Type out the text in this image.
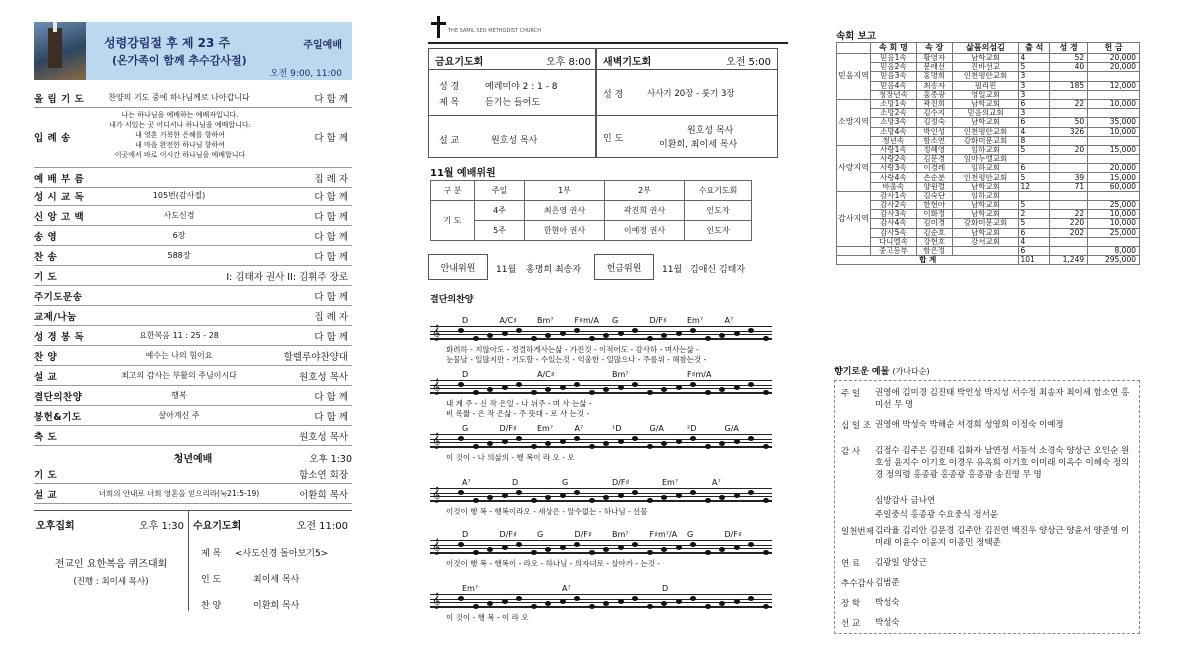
성령강림절 후 제 23 주
(온가족이 함께 추수감사절)
주일예배
오전 9:00, 11:00
올 림 기 도	찬양의 기도 중에 하나님께로 나아갑니다	다 함 께
입 례 송	다 함 께
예 배 부 름	집 례 자
성 시 교 독	105번(감사절)	다 함 께
신 앙 고 백	사도신경	다 함 께
송 영	6장	다 함 께
찬 송	588장	다 함 께
기 도	I: 김태자 권사 II: 김휘주 장로
주기도문송	다 함 께
교제/나눔	집 례 자
성 경 봉 독	요한복음 11 : 25 - 28	다 함 께
찬 양	예수는 나의 힘이요	할렐루야찬양대
설 교	최고의 감사는 부활의 주님이시다	원호성 목사
결단의찬양	행복	다 함 께
봉헌&기도	살아계신 주	다 함 께
축 도	원호성 목사
나는 하나님을 예배하는 예배자입니다.
내가 서있는 곳 어디서나 하나님을 예배합니다.
내 영혼 거룩한 은혜를 향하여
내 마음 완전한 하나님 향하여
이곳에서 바로 이시간 하나님을 예배합니다
청년예배	오후 1:30
기 도	함소연 회장
설 교	너희의 안내로 너희 영혼을 얻으리라(눅21:5-19)	이환희 목사
오후집회	오후 1:30
전교인 요한복음 퀴즈대회
(진행 : 최이세 목사)
수요기도회	오전 11:00
제 목 <사도신경 돌아보기5>
인 도	최이세 목사
찬 양	이환희 목사
THE SAMIL SEO METHODIST CHURCH
금요기도회	오후 8:00
성 경	예레미야 2 : 1 - 8
제 목	듣기는 들어도
설 교	원호성 목사
새벽기도회	오전 5:00
성 경	사사기 20장 - 룻기 3장
인 도
원호성 목사
이환희, 최이세 목사
11월 예배위원
구 분	주일	1부	2부	수요기도회
기 도	4주	최은영 권사	곽진희 권사	인도자
	5주	한현아 권사	이예정 권사	인도자
안내위원	11월 홍명희 최송자	헌금위원	11월 김애신 김태자
결단의찬양
𝄞
D	A/C♯ Bm⁷	F♯m/A G	D/F♯	Em⁷	A⁷
화려하 - 지않아도 - 정결하게사는삶 - 가진것 - 이적어도 - 감사하 - 며사는삶 -
눈물날 - 일많지만 - 기도할 - 수있는것 - 억울한 - 일많으나 - 주를위 - 해참는것 -
𝄞
D	A/C♯	Bm⁷	F♯m/A
내 계 주 - 신 작 은일 - 나 뉘주 - 며 사 는삶 -
비 록짧 - 은 작 은삶 - 주 뜻대 - 로 사 는것 -
𝄞
G	D/F♯	Em⁷	A⁷	¹D	G/A	²D	G/A
이 것이 - 나 의삶의 - 행 복이 라 오 - 오
𝄞
A⁷	D	G	D/F♯	Em⁷	A⁷
이것이 행 복 - 행복이라오 - 세상은 - 알수없는 - 하나님 - 선물
𝄞
D	D/F♯	G	D/F♯	Bm⁷	F♯m⁷/A G	D/F♯
이것이 행 복 - 행복이 - 라오 - 하나님 - 의자녀로 - 살아가 - 는것 -
𝄞
Em⁷	A⁷	D
이 것이 - 행 복 - 이 라 오
속회 보고
	속 회 명	속 장	삶품의섬김	출 석	성 경	헌 금
믿음지역	믿음1속	황영자	남학교회	4	52	20,000
	믿음2속	문애선	진바선교	5	40	20,000
	믿음3속	홍명희	인천평안교회	3		
	믿음4속	최송자	필리핀	3	185	12,000
	청장년속	홍종광	영일교회	3		
소망지역	소망1속	곽진희	남학교회	6	22	10,000
	소망2속	김수지	믿음의교회	3		
	소망3속	김정숙	남학교회	6	50	35,000
	소망4속	박인성	인천평안교회	4	326	10,000
	청년속	함소연	강화미문교회	8		
사랑지역	사랑1속	정혜영	임하교회	5	20	15,000
	사랑2속	김문경	임마누엘교회			
	사랑3속	이경례	임하교회	6		20,000
	사랑4속	손순분	인천평안교회	5	39	15,000
	바울속	양원렬	남학교회	12	71	60,000
감사지역	감사1속	김숙단	임하교회			
	감사2속	한현아	남학교회	5		25,000
	감사3속	이화정	남학교회	2	22	10,000
	감사4속	김미경	강화미문교회	5	220	10,000
	감사5속	김순호	남학교회	6	202	25,000
	다니엘속	강현호	강서교회	4		
	중고등부	함은정		6		8,000
합 계				101	1,249	295,000
향기로운 예물 (가나다순)
주 일	권영애 김미경 김진태 박인성 박지성 서수정 최송자 최이세 함소연 홍미선 무 명
십 일 조 권영애 박성숙 박해순 서경희 성영희 이정숙 이예정
감 사	김정수 김주은 김진태 김화자 남연정 서동석 소경숙 양상근 오인순 원호성 윤지수 이기호 이경우 유옥희 이기호 이미래 이옥수 이혜숙 정의경 정의령 홍종광 홍종광 홍종광 송진영 무 명
심방감사 금나연
주일중식 홍종광 수요중식 정서윤
일천번제 김라율 김리안 김문경 김주안 김진연 백진우 양상근 양윤서 양준영 이미래 이윤수 이윤지 이종민 정택준
연 료	김광일 양상근
추수감사 김범준
장 학	박성숙
선 교	박성숙
